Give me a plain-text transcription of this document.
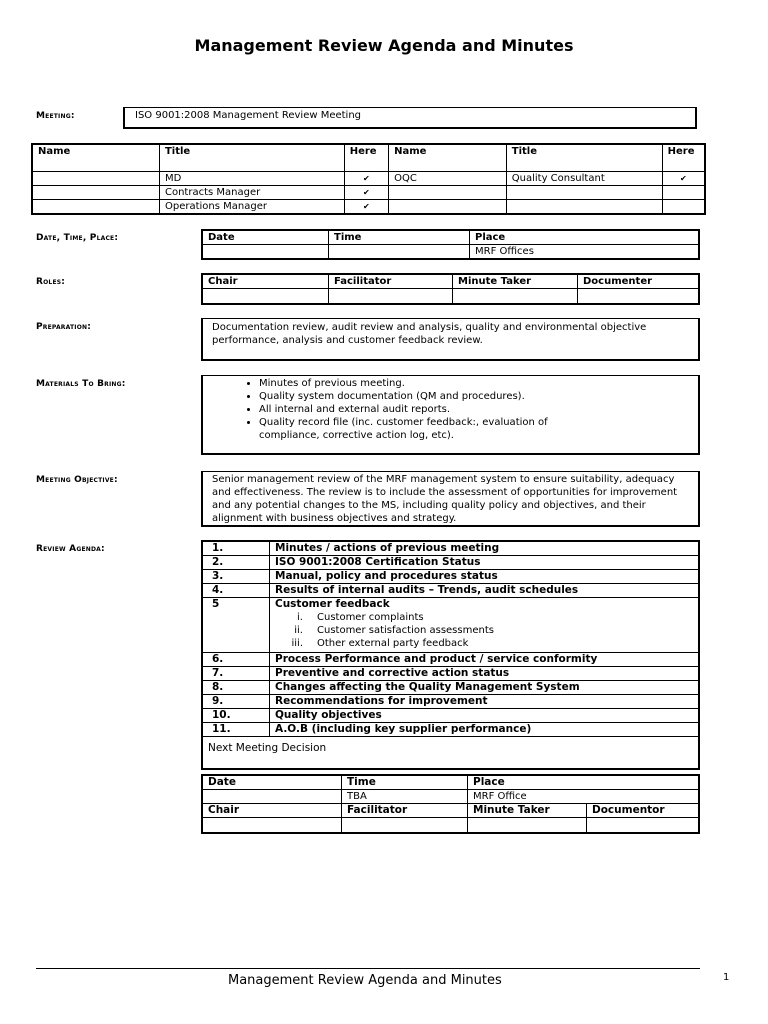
Management Review Agenda and Minutes
Meeting:	ISO 9001:2008 Management Review Meeting
Name	Title	Here	Name	Title	Here
	MD	✔	OQC	Quality Consultant	✔
	Contracts Manager	✔			
	Operations Manager	✔			
Date, Time, Place:	Date	Time	Place
		MRF Offices
Roles:	Chair	Facilitator	Minute Taker	Documenter

Preparation:	Documentation review, audit review and analysis, quality and environmental objective performance, analysis and customer feedback review.
Materials To Bring:	• Minutes of previous meeting.
• Quality system documentation (QM and procedures).
• All internal and external audit reports.
• Quality record file (inc. customer feedback:, evaluation of compliance, corrective action log, etc).
Meeting Objective:	Senior management review of the MRF management system to ensure suitability, adequacy and effectiveness. The review is to include the assessment of opportunities for improvement and any potential changes to the MS, including quality policy and objectives, and their alignment with business objectives and strategy.
Review Agenda:	1.	Minutes / actions of previous meeting
2.	ISO 9001:2008 Certification Status
3.	Manual, policy and procedures status
4.	Results of internal audits – Trends, audit schedules
5	Customer feedback
i. Customer complaints
ii. Customer satisfaction assessments
iii. Other external party feedback

6.	Process Performance and product / service conformity
7.	Preventive and corrective action status
8.	Changes affecting the Quality Management System
9.	Recommendations for improvement
10.	Quality objectives
11.	A.O.B (including key supplier performance)
Next Meeting Decision	
Date	Time	Place	
	TBA	MRF Office	
Chair	Facilitator	Minute Taker	Documentor

Management Review Agenda and Minutes	1
